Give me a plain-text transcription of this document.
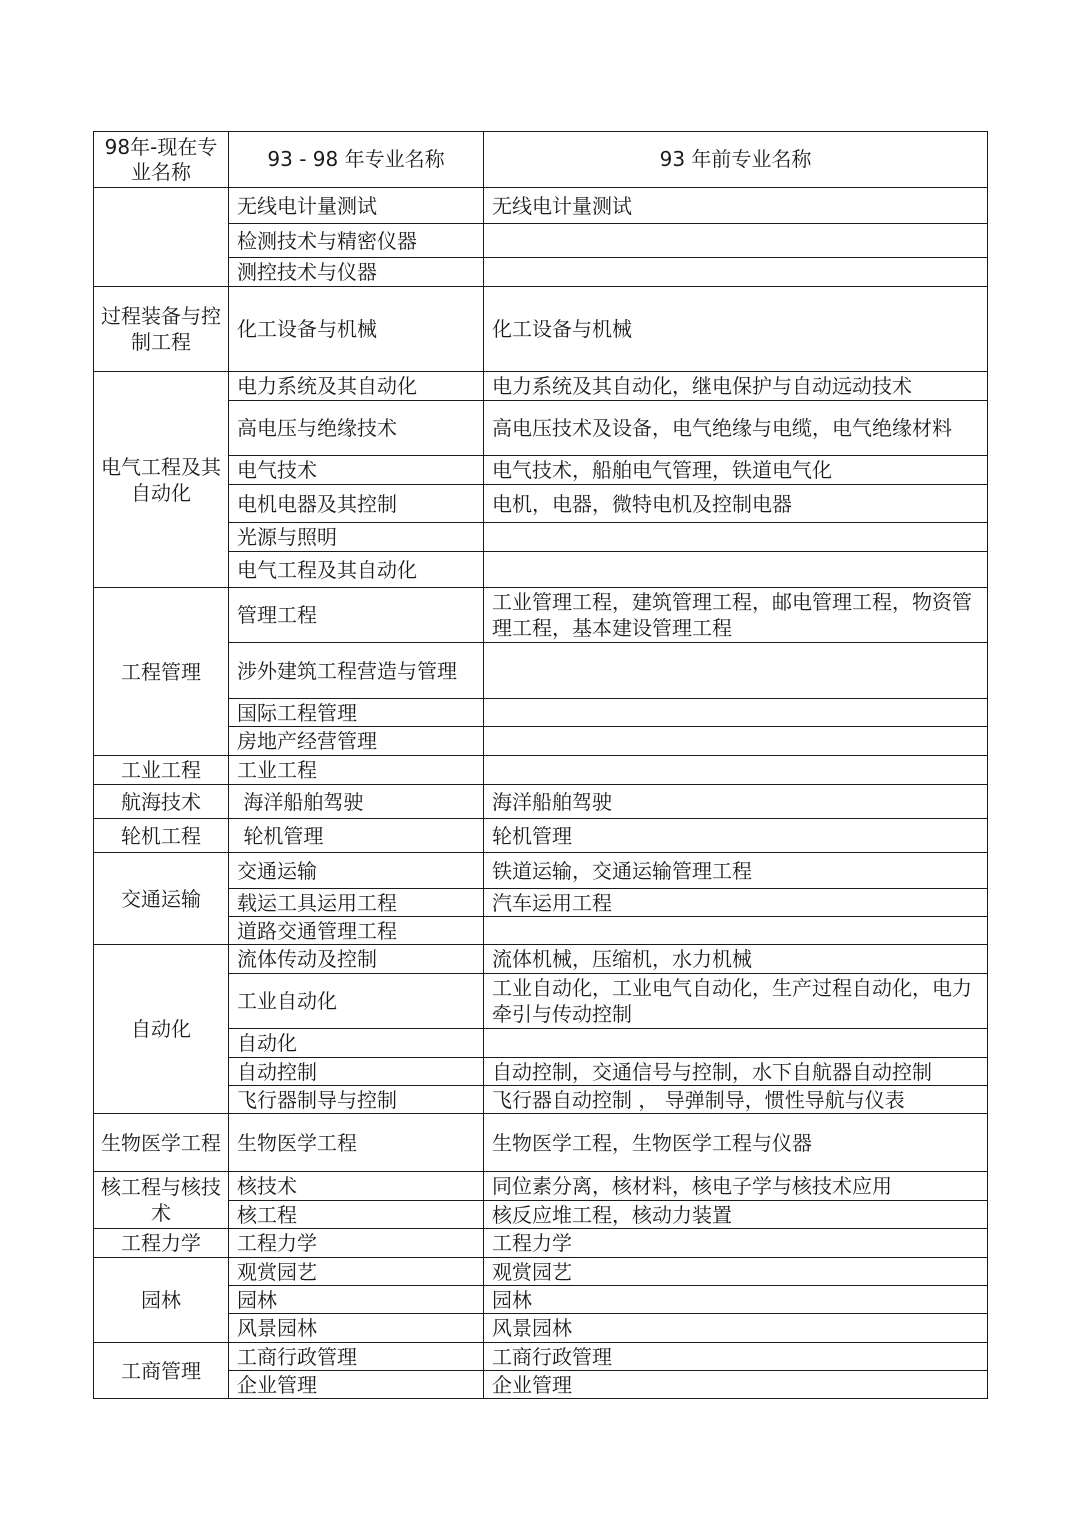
98年-现在专业名称	93 - 98 年专业名称	93 年前专业名称
	无线电计量测试	无线电计量测试
	检测技术与精密仪器	
	测控技术与仪器	
过程装备与控制工程	化工设备与机械	化工设备与机械
电气工程及其自动化	电力系统及其自动化	电力系统及其自动化，继电保护与自动远动技术
	高电压与绝缘技术	高电压技术及设备，电气绝缘与电缆，电气绝缘材料
	电气技术	电气技术，船舶电气管理，铁道电气化
	电机电器及其控制	电机，电器，微特电机及控制电器
	光源与照明	
	电气工程及其自动化	
工程管理	管理工程	工业管理工程，建筑管理工程，邮电管理工程，物资管理工程，基本建设管理工程
	涉外建筑工程营造与管理	
	国际工程管理	
	房地产经营管理	
工业工程	工业工程	
航海技术	海洋船舶驾驶	海洋船舶驾驶
轮机工程	轮机管理	轮机管理
交通运输	交通运输	铁道运输，交通运输管理工程
	载运工具运用工程	汽车运用工程
	道路交通管理工程	
自动化	流体传动及控制	流体机械，压缩机，水力机械
	工业自动化	工业自动化，工业电气自动化，生产过程自动化，电力牵引与传动控制
	自动化	
	自动控制	自动控制，交通信号与控制，水下自航器自动控制
	飞行器制导与控制	飞行器自动控制 ， 导弹制导，惯性导航与仪表
生物医学工程	生物医学工程	生物医学工程，生物医学工程与仪器
核工程与核技术	核技术	同位素分离，核材料，核电子学与核技术应用
	核工程	核反应堆工程，核动力装置
工程力学	工程力学	工程力学
园林	观赏园艺	观赏园艺
	园林	园林
	风景园林	风景园林
工商管理	工商行政管理	工商行政管理
	企业管理	企业管理
